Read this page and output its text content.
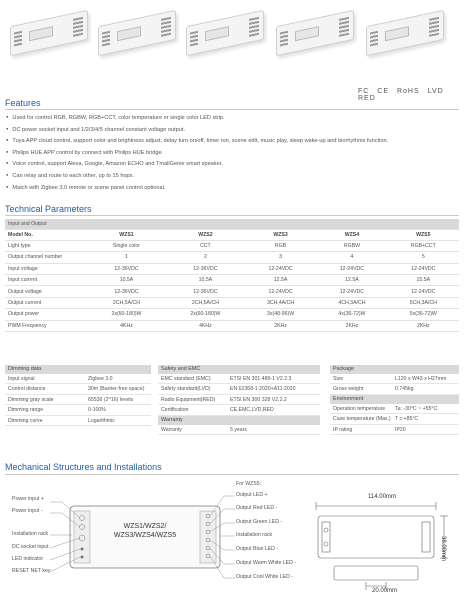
FC CE RoHS LVD RED
Features
● Used for control RGB, RGBW, RGB+CCT, color temperature or single color LED strip.
● DC power socket input and 1/2/3/4/5 channel constant voltage output.
● Tuya APP cloud control, support color and brightness adjust, delay turn on/off, timer run, scene edit, music play, sleep wake-up and biorhythms function.
● Philips HUE APP control by connect with Philips HUE bridge.
● Voice control, support Alexa, Google, Amazon ECHO and TmallGenie smart speaker.
● Can relay and route to each other, up to 15 hops.
● Match with Zigbee 3.0 remote or scene panel control optional.
Technical Parameters
Input and Output					
Model No.	WZS1	WZS2	WZS3	WZS4	WZS5
Light type	Single color	CCT	RGB	RGBW	RGB+CCT
Output channel number	1	2	3	4	5
Input voltage	12-36VDC	12-36VDC	12-24VDC	12-24VDC	12-24VDC
Input current	10.5A	10.5A	12.5A	12.5A	15.5A
Output voltage	12-36VDC	12-36VDC	12-24VDC	12-24VDC	12-24VDC
Output current	2CH,5A/CH	2CH,5A/CH	3CH,4A/CH	4CH,3A/CH	5CH,3A/CH
Output power	2x(60-180)W	2x(60-180)W	3x(48-96)W	4x(36-72)W	5x(36-72)W
PWM Frequency	4KHz	4KHz	2KHz	2KHz	2KHz
Dimming data
Input signal	Zigbee 3.0
Control distance	30m (Barrier-free space)
Dimming gray scale	65536 (2^16) levels
Dimming range	0-100%
Dimming curve	Logarithmic
Safety and EMC
EMC standard (EMC)	ETSI EN 301 489-1 V2.2.3
Safety standard(LVD)	EN 62368-1:2020+A11:2020
Radio Equipment(RED)	ETSI EN 300 328 V2.2.2
Certification	CE,EMC,LVD,RED
Warranty
Warranty	5 years
Package
Size	L120 x W43 x H27mm
Gross weight	0.745kg
Environment
Operation temperature Ta: -30°C ~ +55°C
Case temperature (Max.) T c:+85°C
IP rating	IP20
Mechanical Structures and Installations
WZS1/WZS2/
WZS3/WZS4/WZS5
Power input +
Power input -
Installation rack
DC socket input
LED indicator
RESET NET key
For WZS5:
Output LED +
Output Red LED -
Output Green LED -
Installation rack
Output Blue LED -
Output Warm White LED -
Output Cool White LED -
114.00mm
38.00mm
20.00mm
